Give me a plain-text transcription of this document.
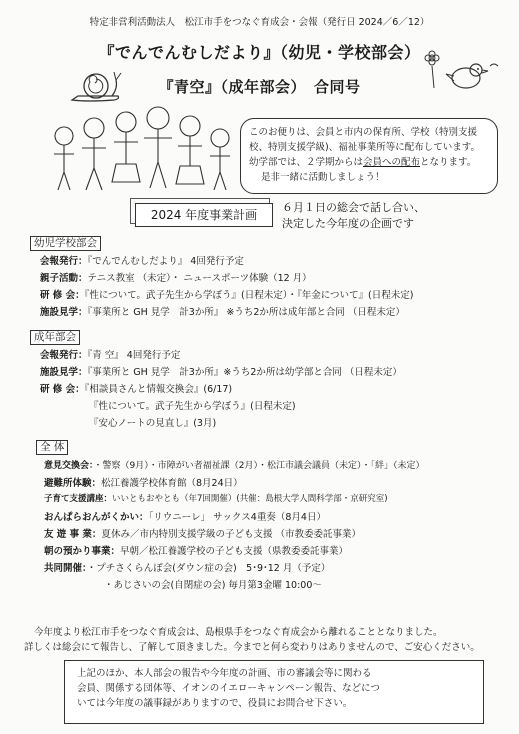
特定非営利活動法人　松江市手をつなぐ育成会・会報（発行日 2024／6／12）
『でんでんむしだより』（幼児・学校部会）
『青空』（成年部会）　合同号

このお便りは、会員と市内の保育所、学校（特別支援

校、特別支援学級)、福祉事業所等に配布しています。

幼学部では、２学期からは会員への配布となります。

是非一緒に活動しましょう！

2024 年度事業計画
６月１日の総会で話し合い、
決定した今年度の企画です
幼児学校部会
会報発行：『でんでんむしだより』 4回発行予定
親子活動：テニス教室 （未定）・ ニュースポーツ体験（12 月）
研 修 会：『性について。武子先生から学ぼう』(日程未定）・『年金について』(日程未定)
施設見学：『事業所と GH 見学　計3か所』 ※うち2か所は成年部と合同 （日程未定）
成年部会
会報発行：『青 空』 4回発行予定
施設見学：『事業所と GH 見学　計3か所』※うち2か所は幼学部と合同 （日程未定）
研 修 会：『相談員さんと情報交換会』(6/17)
『性について。武子先生から学ぼう』(日程未定)
『安心ノートの見直し』(3月)
全 体
意見交換会：・警察（9月）・市障がい者福祉課（2月）・松江市議会議員（未定）・「絆」（未定）
避難所体験：松江養護学校体育館（8月24日）
子育て支援講座：いいともおやとも（年7回開催）(共催：島根大学人間科学部・京研究室)
おんぱらおんがくかい：「リウニーレ」 サックス4重奏（8月4日）
友 遊 事 業：夏休み／市内特別支援学級の子ども支援 （市教委委託事業）
朝の預かり事業：早朝／松江養護学校の子ども支援（県教委委託事業）
共同開催：・プチさくらんぼ会(ダウン症の会)　5･9･12 月（予定）
・あじさいの会(自閉症の会) 毎月第3金曜 10:00～

今年度より松江市手をつなぐ育成会は、島根県手をつなぐ育成会から離れることとなりました。

詳しくは総会にて報告し、了解して頂きました。今までと何ら変わりはありませんので、ご安心ください。

上記のほか、本人部会の報告や今年度の計画、市の審議会等に関わる

会員、関係する団体等、イオンのイエローキャンペーン報告、などにつ

いては今年度の議事録がありますので、役員にお問合せ下さい。
